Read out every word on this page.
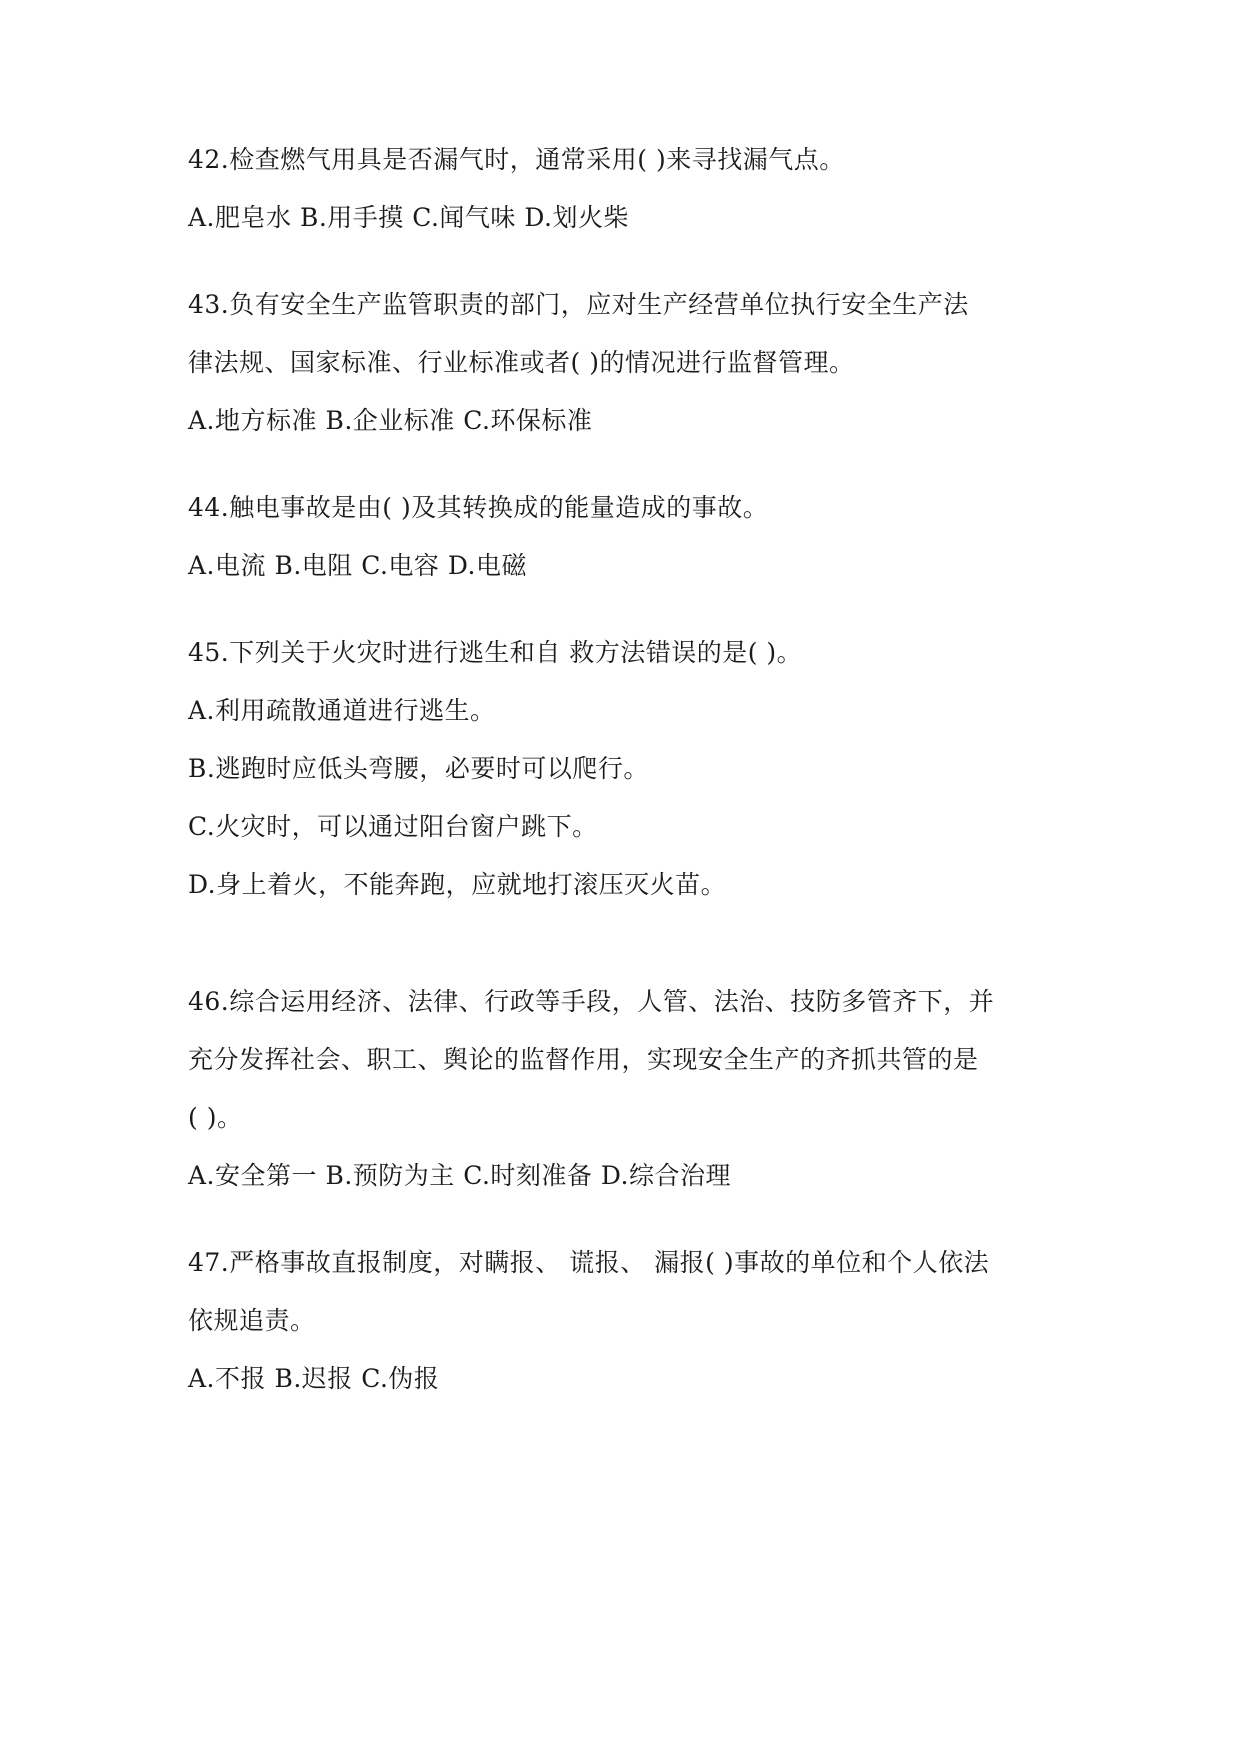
42.检查燃气用具是否漏气时，通常采用( )来寻找漏气点。
A.肥皂水 B.用手摸 C.闻气味 D.划火柴
43.负有安全生产监管职责的部门，应对生产经营单位执行安全生产法
律法规、国家标准、行业标准或者( )的情况进行监督管理。
A.地方标准 B.企业标准 C.环保标准
44.触电事故是由( )及其转换成的能量造成的事故。
A.电流 B.电阻 C.电容 D.电磁
45.下列关于火灾时进行逃生和自 救方法错误的是( )。
A.利用疏散通道进行逃生。
B.逃跑时应低头弯腰，必要时可以爬行。
C.火灾时，可以通过阳台窗户跳下。
D.身上着火，不能奔跑，应就地打滚压灭火苗。
46.综合运用经济、法律、行政等手段，人管、法治、技防多管齐下，并
充分发挥社会、职工、舆论的监督作用，实现安全生产的齐抓共管的是
( )。
A.安全第一 B.预防为主 C.时刻准备 D.综合治理
47.严格事故直报制度，对瞒报、 谎报、 漏报( )事故的单位和个人依法
依规追责。
A.不报 B.迟报 C.伪报
